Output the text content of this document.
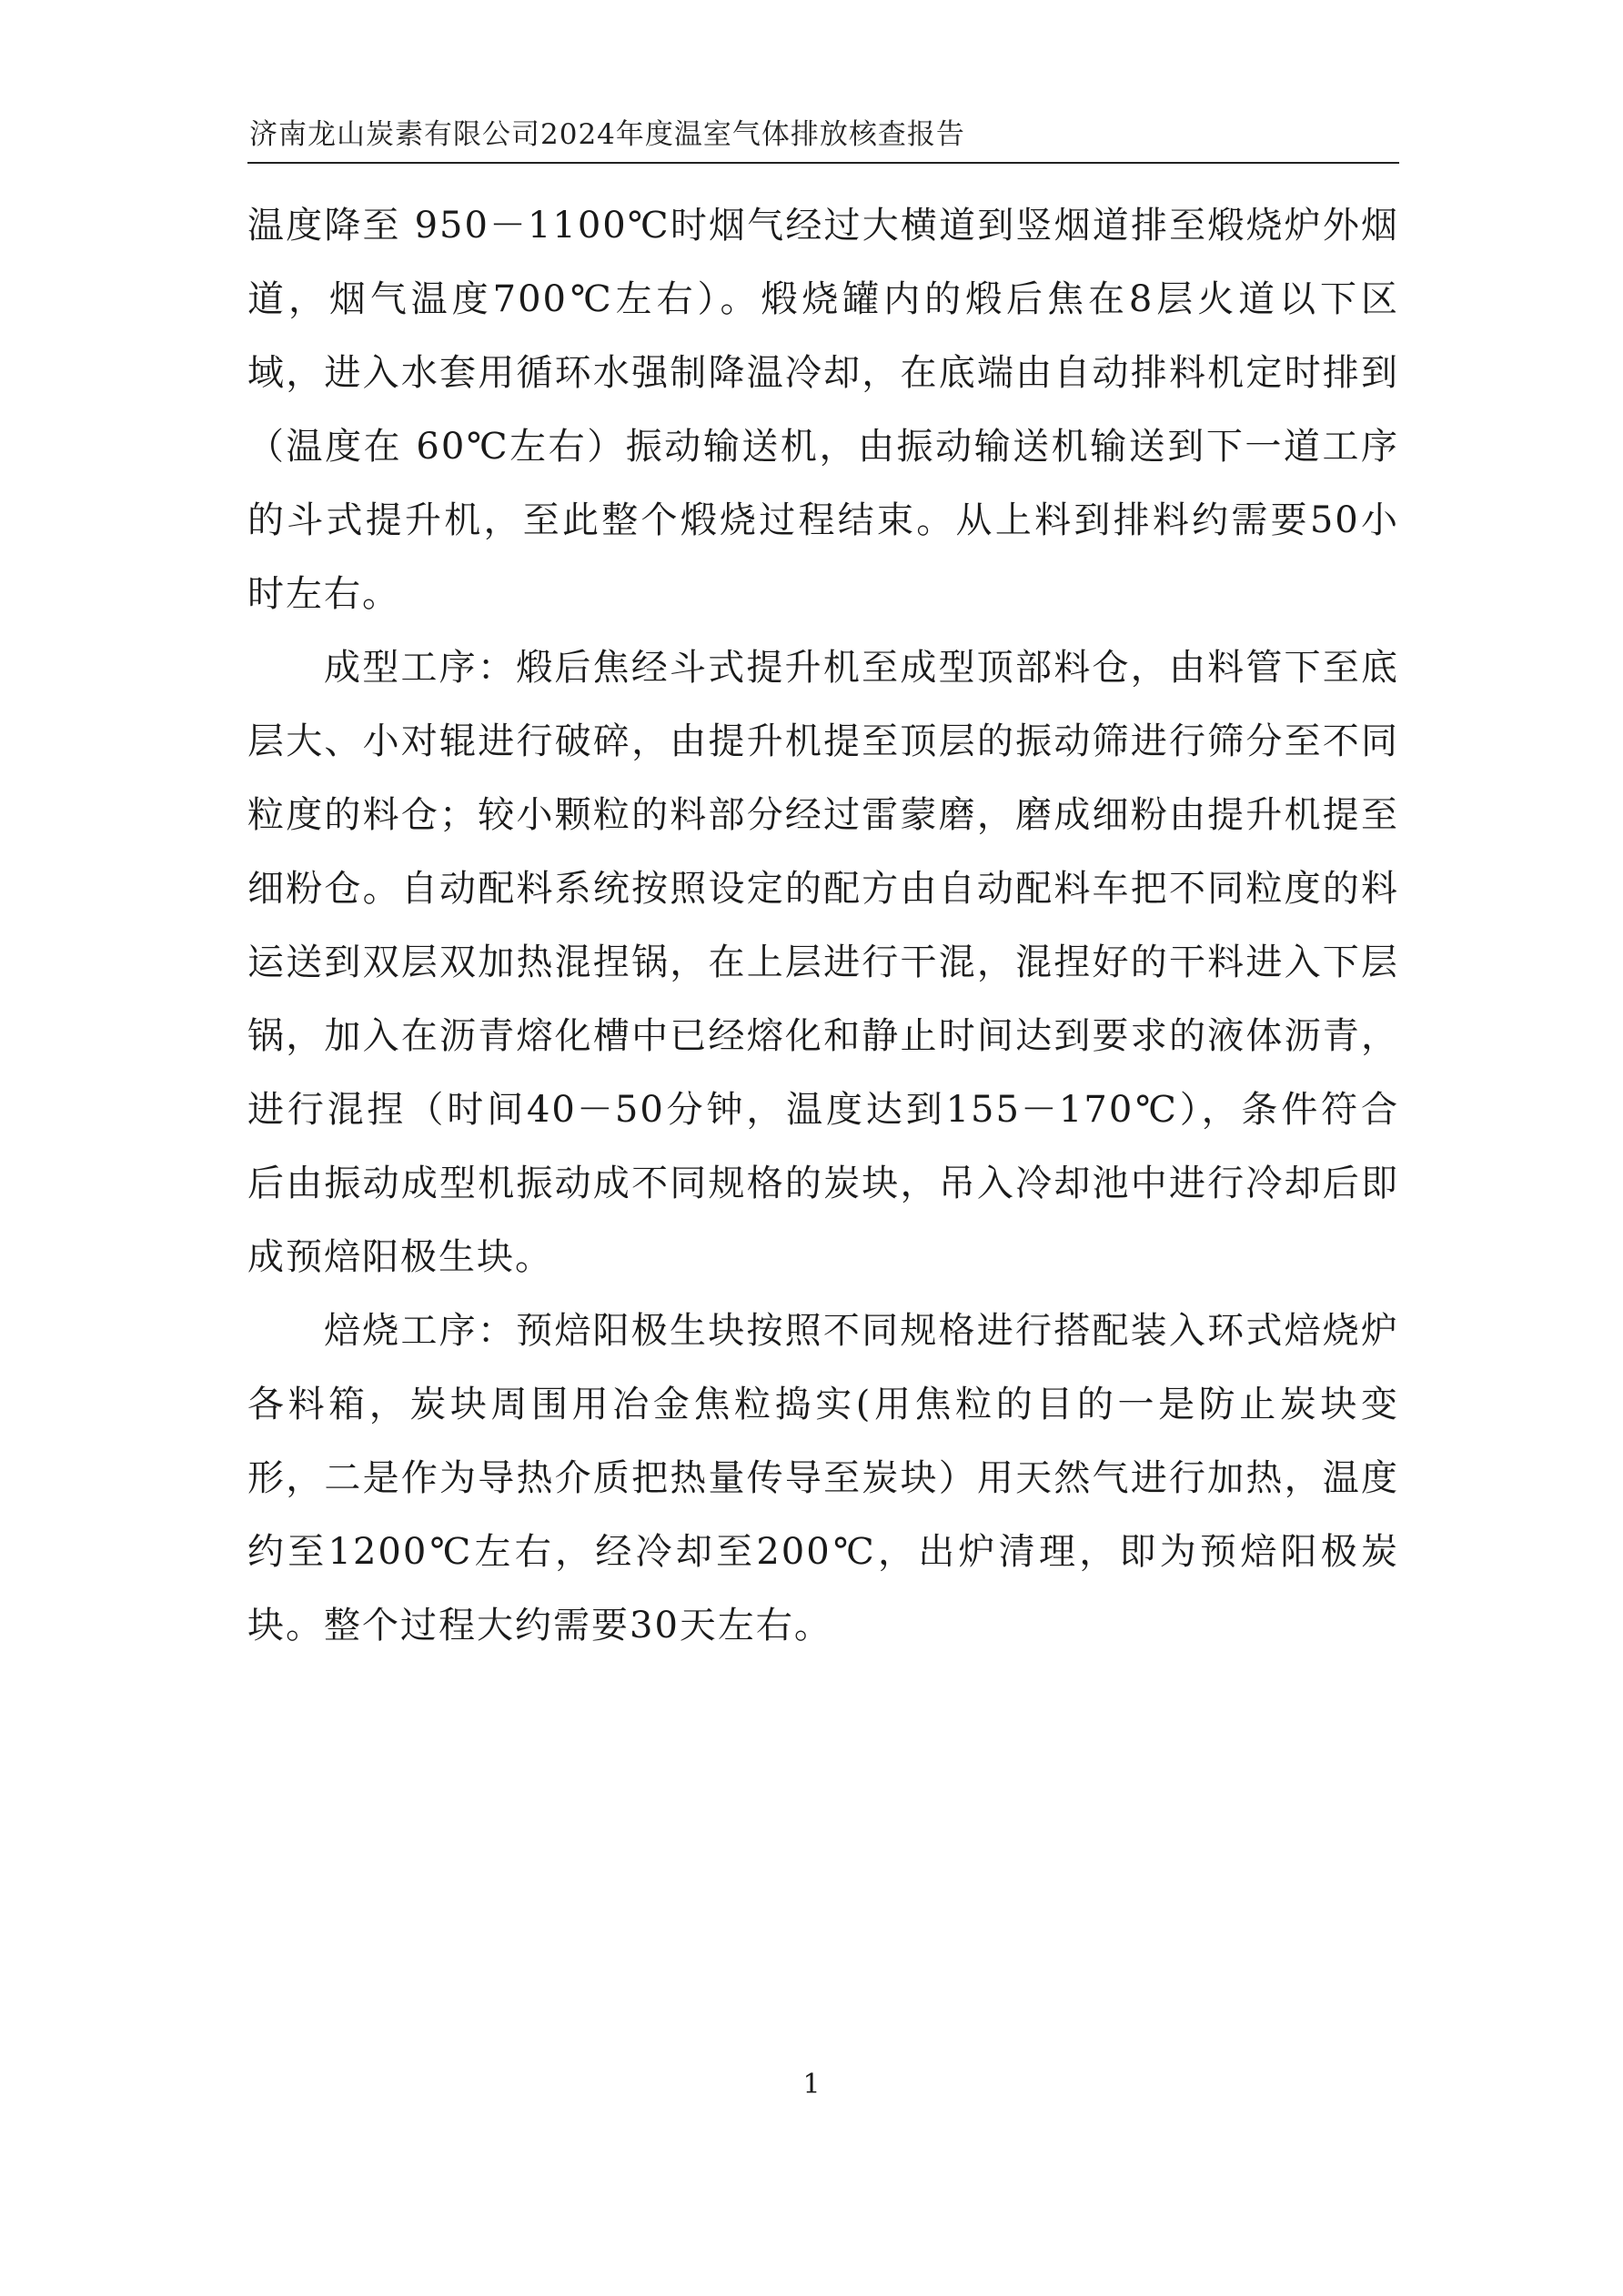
济南龙山炭素有限公司2024年度温室气体排放核查报告

温度降至 950－1100℃时烟气经过大横道到竖烟道排至煅烧炉外烟道，烟气温度700℃左右）。煅烧罐内的煅后焦在8层火道以下区域，进入水套用循环水强制降温冷却，在底端由自动排料机定时排到（温度在 60℃左右）振动输送机，由振动输送机输送到下一道工序的斗式提升机，至此整个煅烧过程结束。从上料到排料约需要50小时左右。

成型工序：煅后焦经斗式提升机至成型顶部料仓，由料管下至底层大、小对辊进行破碎，由提升机提至顶层的振动筛进行筛分至不同粒度的料仓；较小颗粒的料部分经过雷蒙磨，磨成细粉由提升机提至细粉仓。自动配料系统按照设定的配方由自动配料车把不同粒度的料运送到双层双加热混捏锅，在上层进行干混，混捏好的干料进入下层锅，加入在沥青熔化槽中已经熔化和静止时间达到要求的液体沥青，进行混捏（时间40－50分钟，温度达到155－170℃），条件符合后由振动成型机振动成不同规格的炭块，吊入冷却池中进行冷却后即成预焙阳极生块。

焙烧工序：预焙阳极生块按照不同规格进行搭配装入环式焙烧炉各料箱，炭块周围用冶金焦粒捣实(用焦粒的目的一是防止炭块变形，二是作为导热介质把热量传导至炭块）用天然气进行加热，温度约至1200℃左右，经冷却至200℃，出炉清理，即为预焙阳极炭块。整个过程大约需要30天左右。

1
